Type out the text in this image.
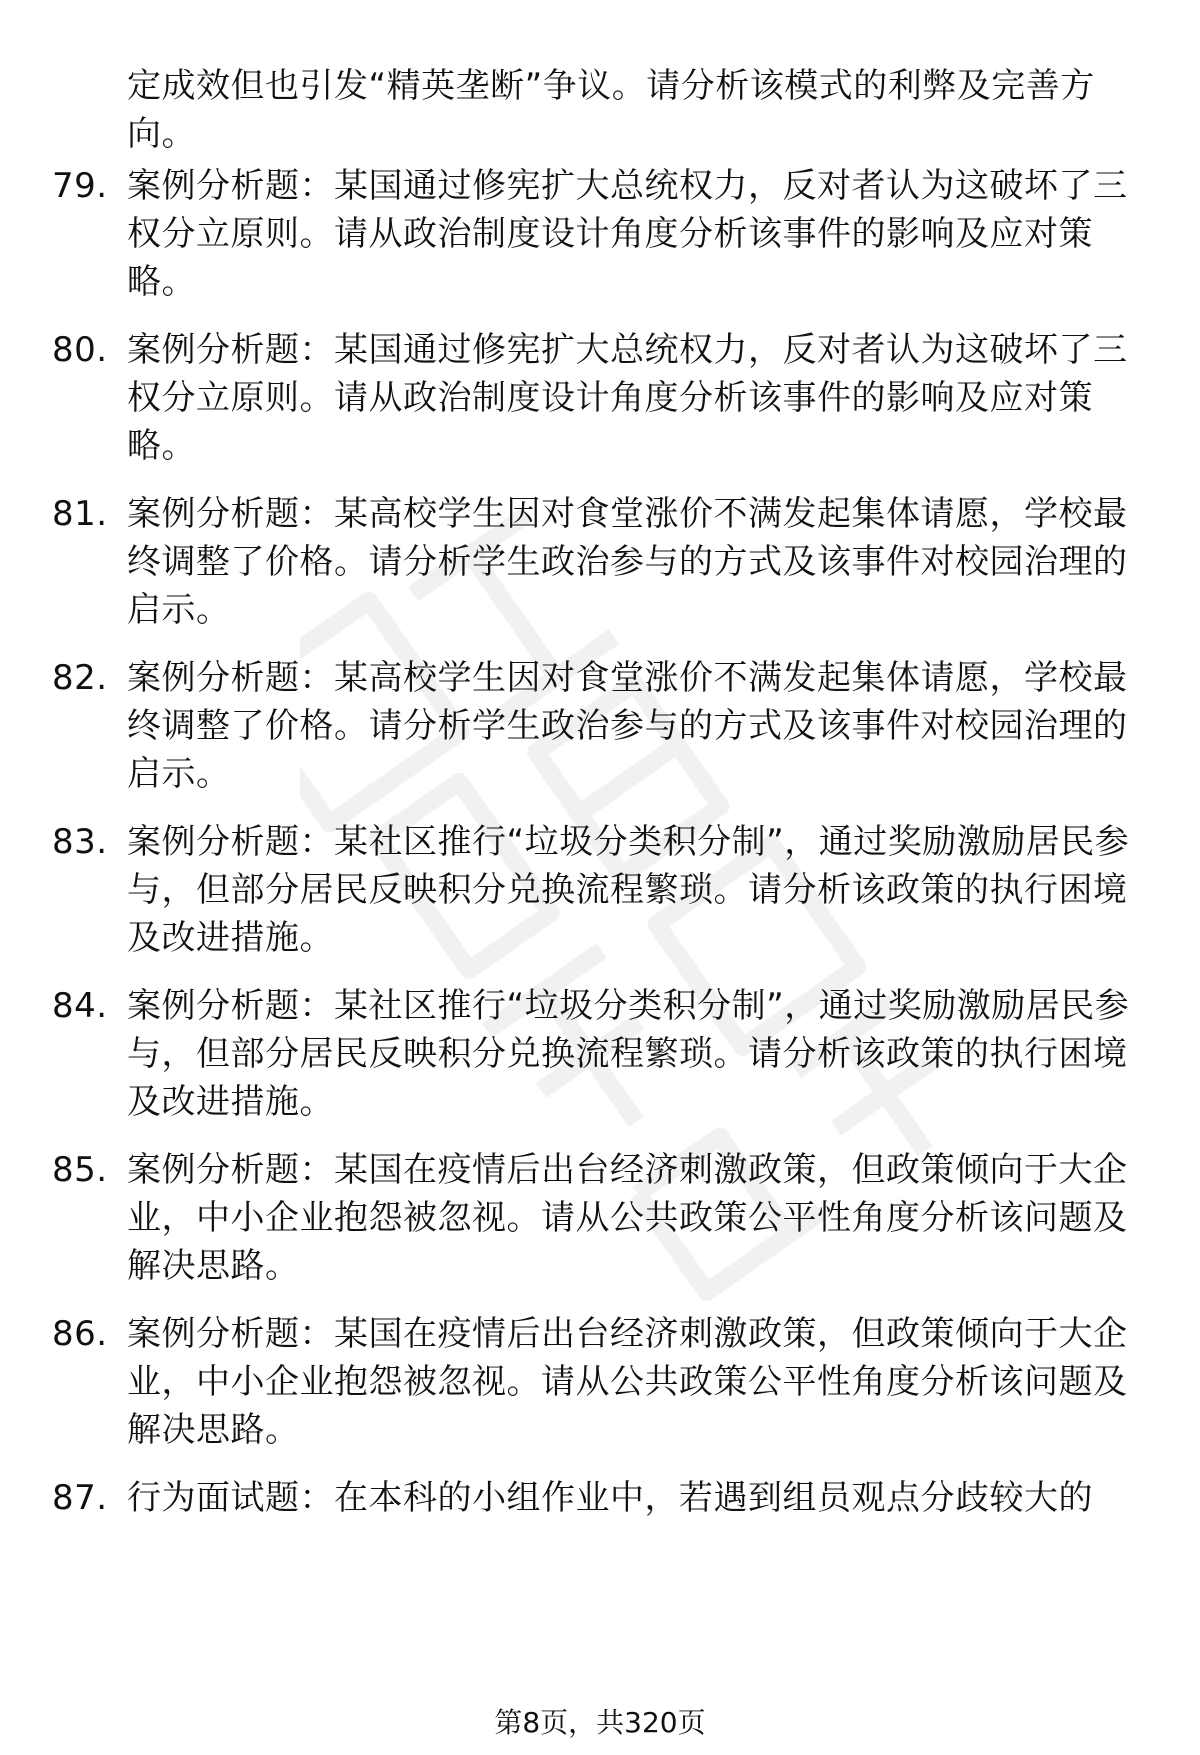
定成效但也引发“精英垄断”争议。请分析该模式的利弊及完善方向。
79. 案例分析题：某国通过修宪扩大总统权力，反对者认为这破坏了三权分立原则。请从政治制度设计角度分析该事件的影响及应对策略。
80. 案例分析题：某国通过修宪扩大总统权力，反对者认为这破坏了三权分立原则。请从政治制度设计角度分析该事件的影响及应对策略。
81. 案例分析题：某高校学生因对食堂涨价不满发起集体请愿，学校最终调整了价格。请分析学生政治参与的方式及该事件对校园治理的启示。
82. 案例分析题：某高校学生因对食堂涨价不满发起集体请愿，学校最终调整了价格。请分析学生政治参与的方式及该事件对校园治理的启示。
83. 案例分析题：某社区推行“垃圾分类积分制”，通过奖励激励居民参与，但部分居民反映积分兑换流程繁琐。请分析该政策的执行困境及改进措施。
84. 案例分析题：某社区推行“垃圾分类积分制”，通过奖励激励居民参与，但部分居民反映积分兑换流程繁琐。请分析该政策的执行困境及改进措施。
85. 案例分析题：某国在疫情后出台经济刺激政策，但政策倾向于大企业，中小企业抱怨被忽视。请从公共政策公平性角度分析该问题及解决思路。
86. 案例分析题：某国在疫情后出台经济刺激政策，但政策倾向于大企业，中小企业抱怨被忽视。请从公共政策公平性角度分析该问题及解决思路。
87. 行为面试题：在本科的小组作业中，若遇到组员观点分歧较大的
第8页，共320页
